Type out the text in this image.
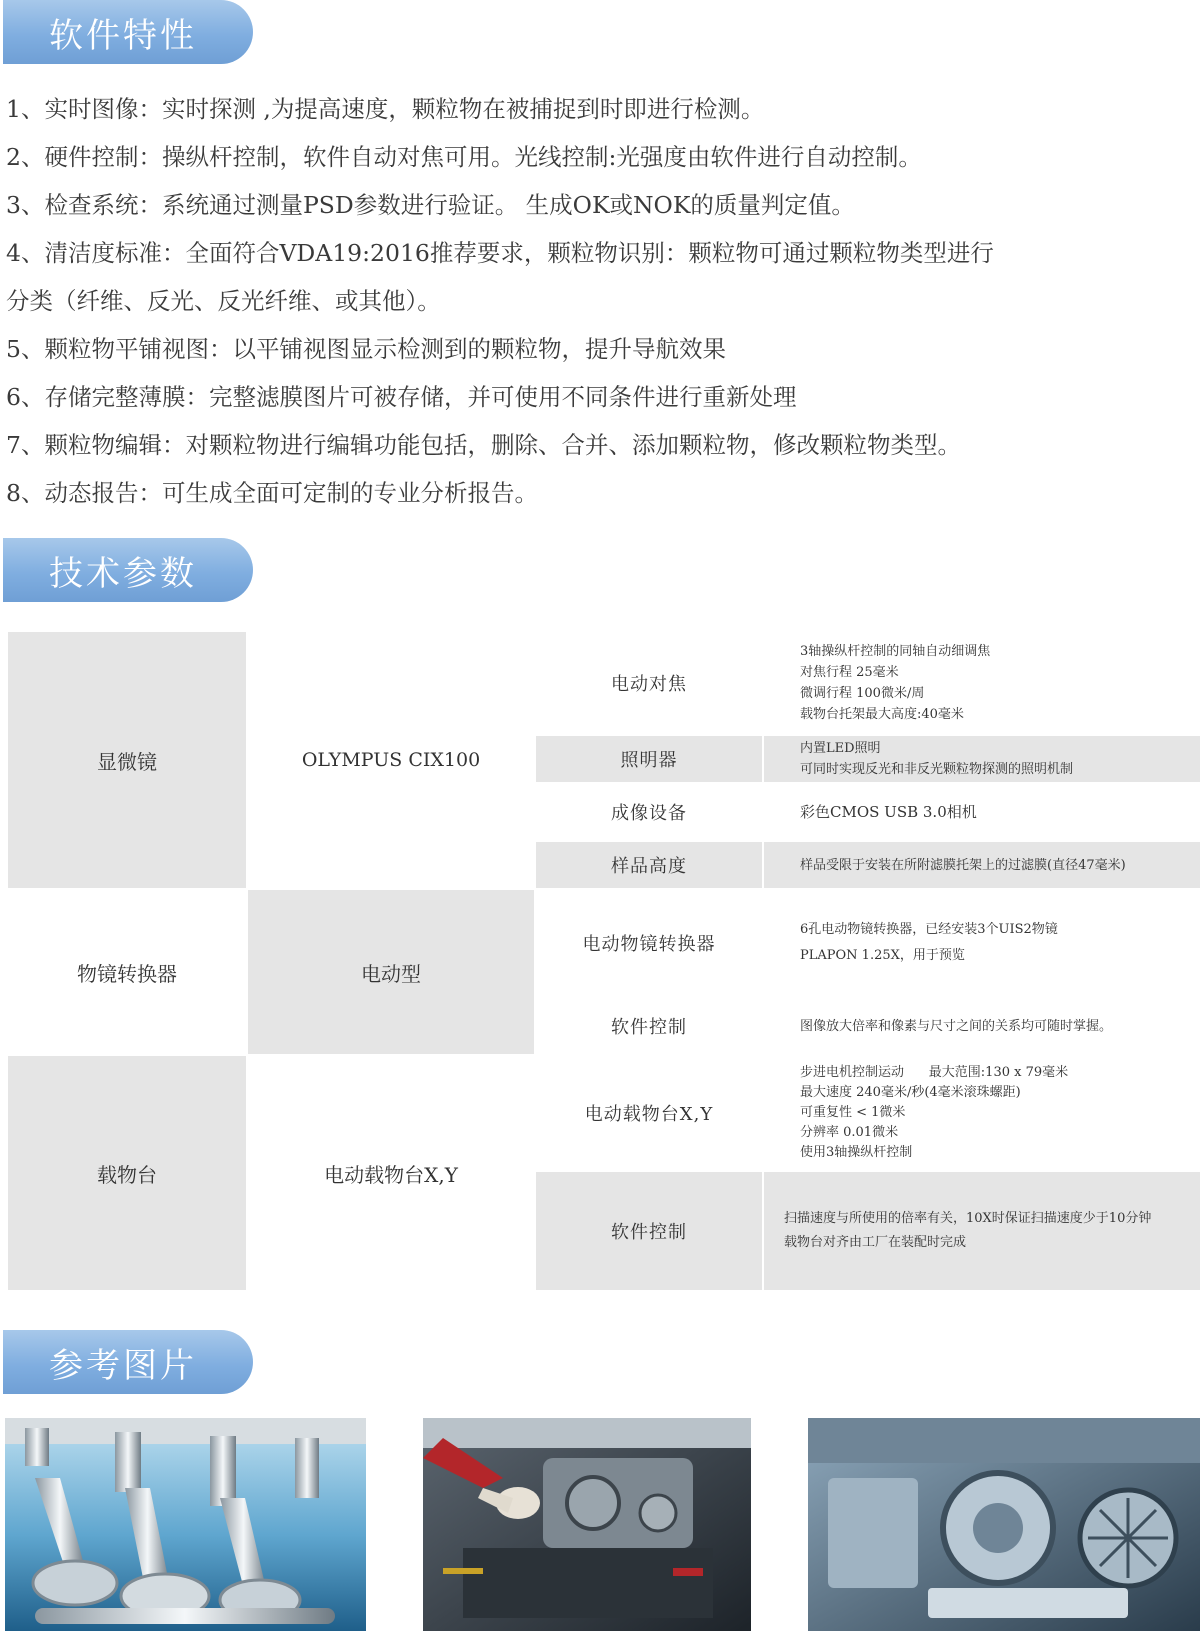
软件特性

1、实时图像：实时探测 ,为提高速度，颗粒物在被捕捉到时即进行检测。

2、硬件控制：操纵杆控制，软件自动对焦可用。光线控制:光强度由软件进行自动控制。

3、检查系统：系统通过测量PSD参数进行验证。 生成OK或NOK的质量判定值。

4、清洁度标准：全面符合VDA19:2016推荐要求，颗粒物识别：颗粒物可通过颗粒物类型进行

分类（纤维、反光、反光纤维、或其他）。

5、颗粒物平铺视图：以平铺视图显示检测到的颗粒物，提升导航效果

6、存储完整薄膜：完整滤膜图片可被存储，并可使用不同条件进行重新处理

7、颗粒物编辑：对颗粒物进行编辑功能包括，删除、合并、添加颗粒物，修改颗粒物类型。

8、动态报告：可生成全面可定制的专业分析报告。

技术参数
显微镜	OLYMPUS CIX100	电动对焦	3轴操纵杆控制的同轴自动细调焦
对焦行程 25毫米
微调行程 100微米/周
载物台托架最大高度:40毫米

		照明器	内置LED照明
可同时实现反光和非反光颗粒物探测的照明机制

		成像设备	彩色CMOS USB 3.0相机

		样品高度	样品受限于安装在所附滤膜托架上的过滤膜(直径47毫米)

物镜转换器	电动型	电动物镜转换器	6孔电动物镜转换器，已经安装3个UIS2物镜
PLAPON 1.25X，用于预览

		软件控制	图像放大倍率和像素与尺寸之间的关系均可随时掌握。

载物台	电动载物台X,Y	电动载物台X,Y	步进电机控制运动      最大范围:130 x 79毫米
最大速度 240毫米/秒(4毫米滚珠螺距)
可重复性 < 1微米
分辨率 0.01微米
使用3轴操纵杆控制

		软件控制	扫描速度与所使用的倍率有关，10X时保证扫描速度少于10分钟
载物台对齐由工厂在装配时完成
参考图片
